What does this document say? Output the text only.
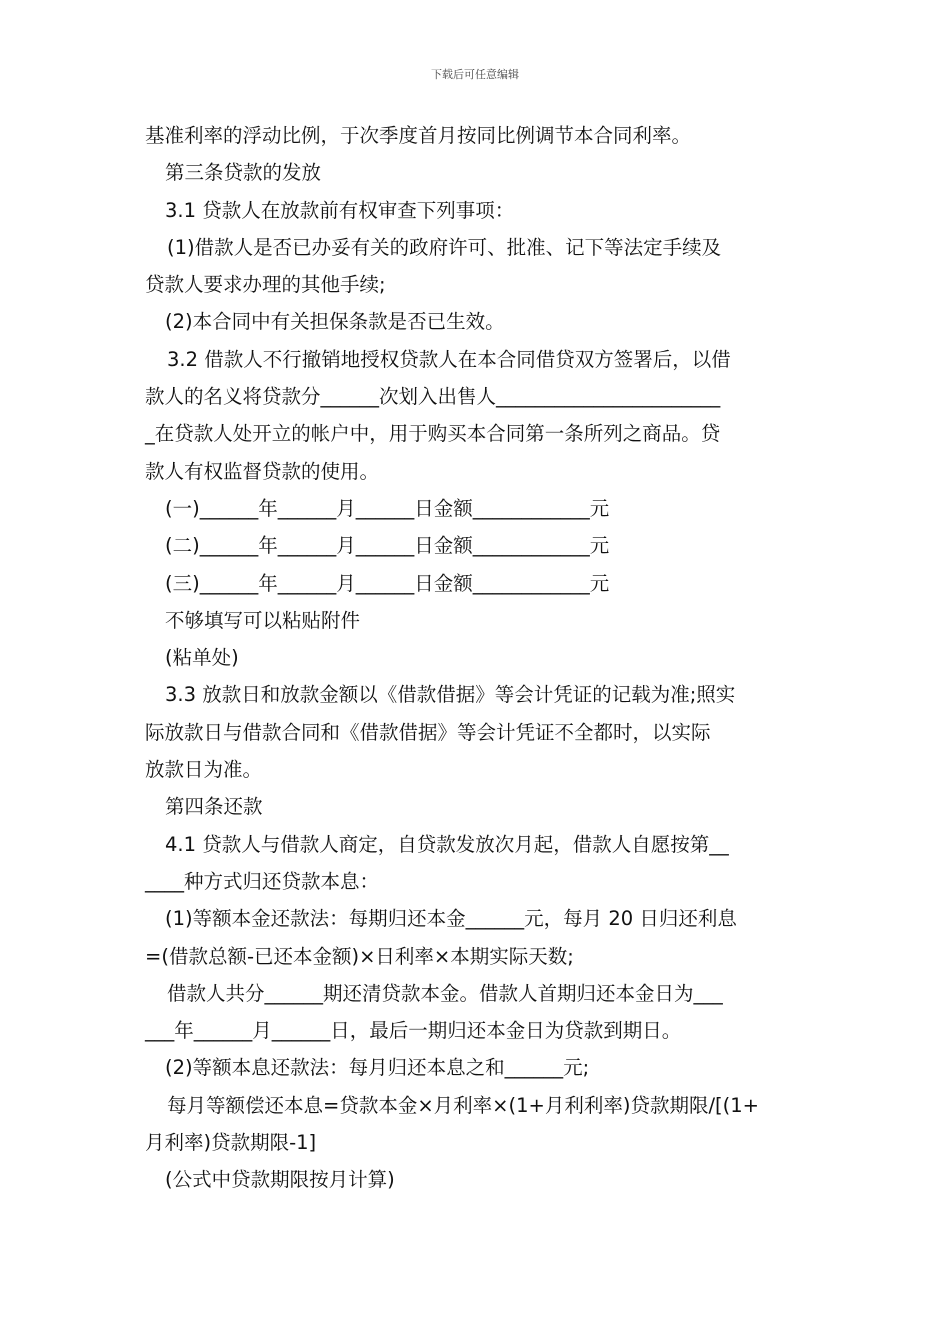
下载后可任意编辑

基准利率的浮动比例，于次季度首月按同比例调节本合同利率。

第三条贷款的发放

3.1 贷款人在放款前有权审查下列事项：

(1)借款人是否已办妥有关的政府许可、批准、记下等法定手续及

贷款人要求办理的其他手续;

(2)本合同中有关担保条款是否已生效。

3.2 借款人不行撤销地授权贷款人在本合同借贷双方签署后，以借

款人的名义将贷款分______次划入出售人_______________________

_在贷款人处开立的帐户中，用于购买本合同第一条所列之商品。贷

款人有权监督贷款的使用。

(一)______年______月______日金额____________元

(二)______年______月______日金额____________元

(三)______年______月______日金额____________元

不够填写可以粘贴附件

(粘单处)

3.3 放款日和放款金额以《借款借据》等会计凭证的记载为准;照实

际放款日与借款合同和《借款借据》等会计凭证不全都时，以实际

放款日为准。

第四条还款

4.1 贷款人与借款人商定，自贷款发放次月起，借款人自愿按第__

____种方式归还贷款本息：

(1)等额本金还款法：每期归还本金______元，每月 20 日归还利息

=(借款总额-已还本金额)×日利率×本期实际天数;

借款人共分______期还清贷款本金。借款人首期归还本金日为___

___年______月______日，最后一期归还本金日为贷款到期日。

(2)等额本息还款法：每月归还本息之和______元;

每月等额偿还本息=贷款本金×月利率×(1+月利利率)贷款期限/[(1+

月利率)贷款期限-1]

(公式中贷款期限按月计算)
